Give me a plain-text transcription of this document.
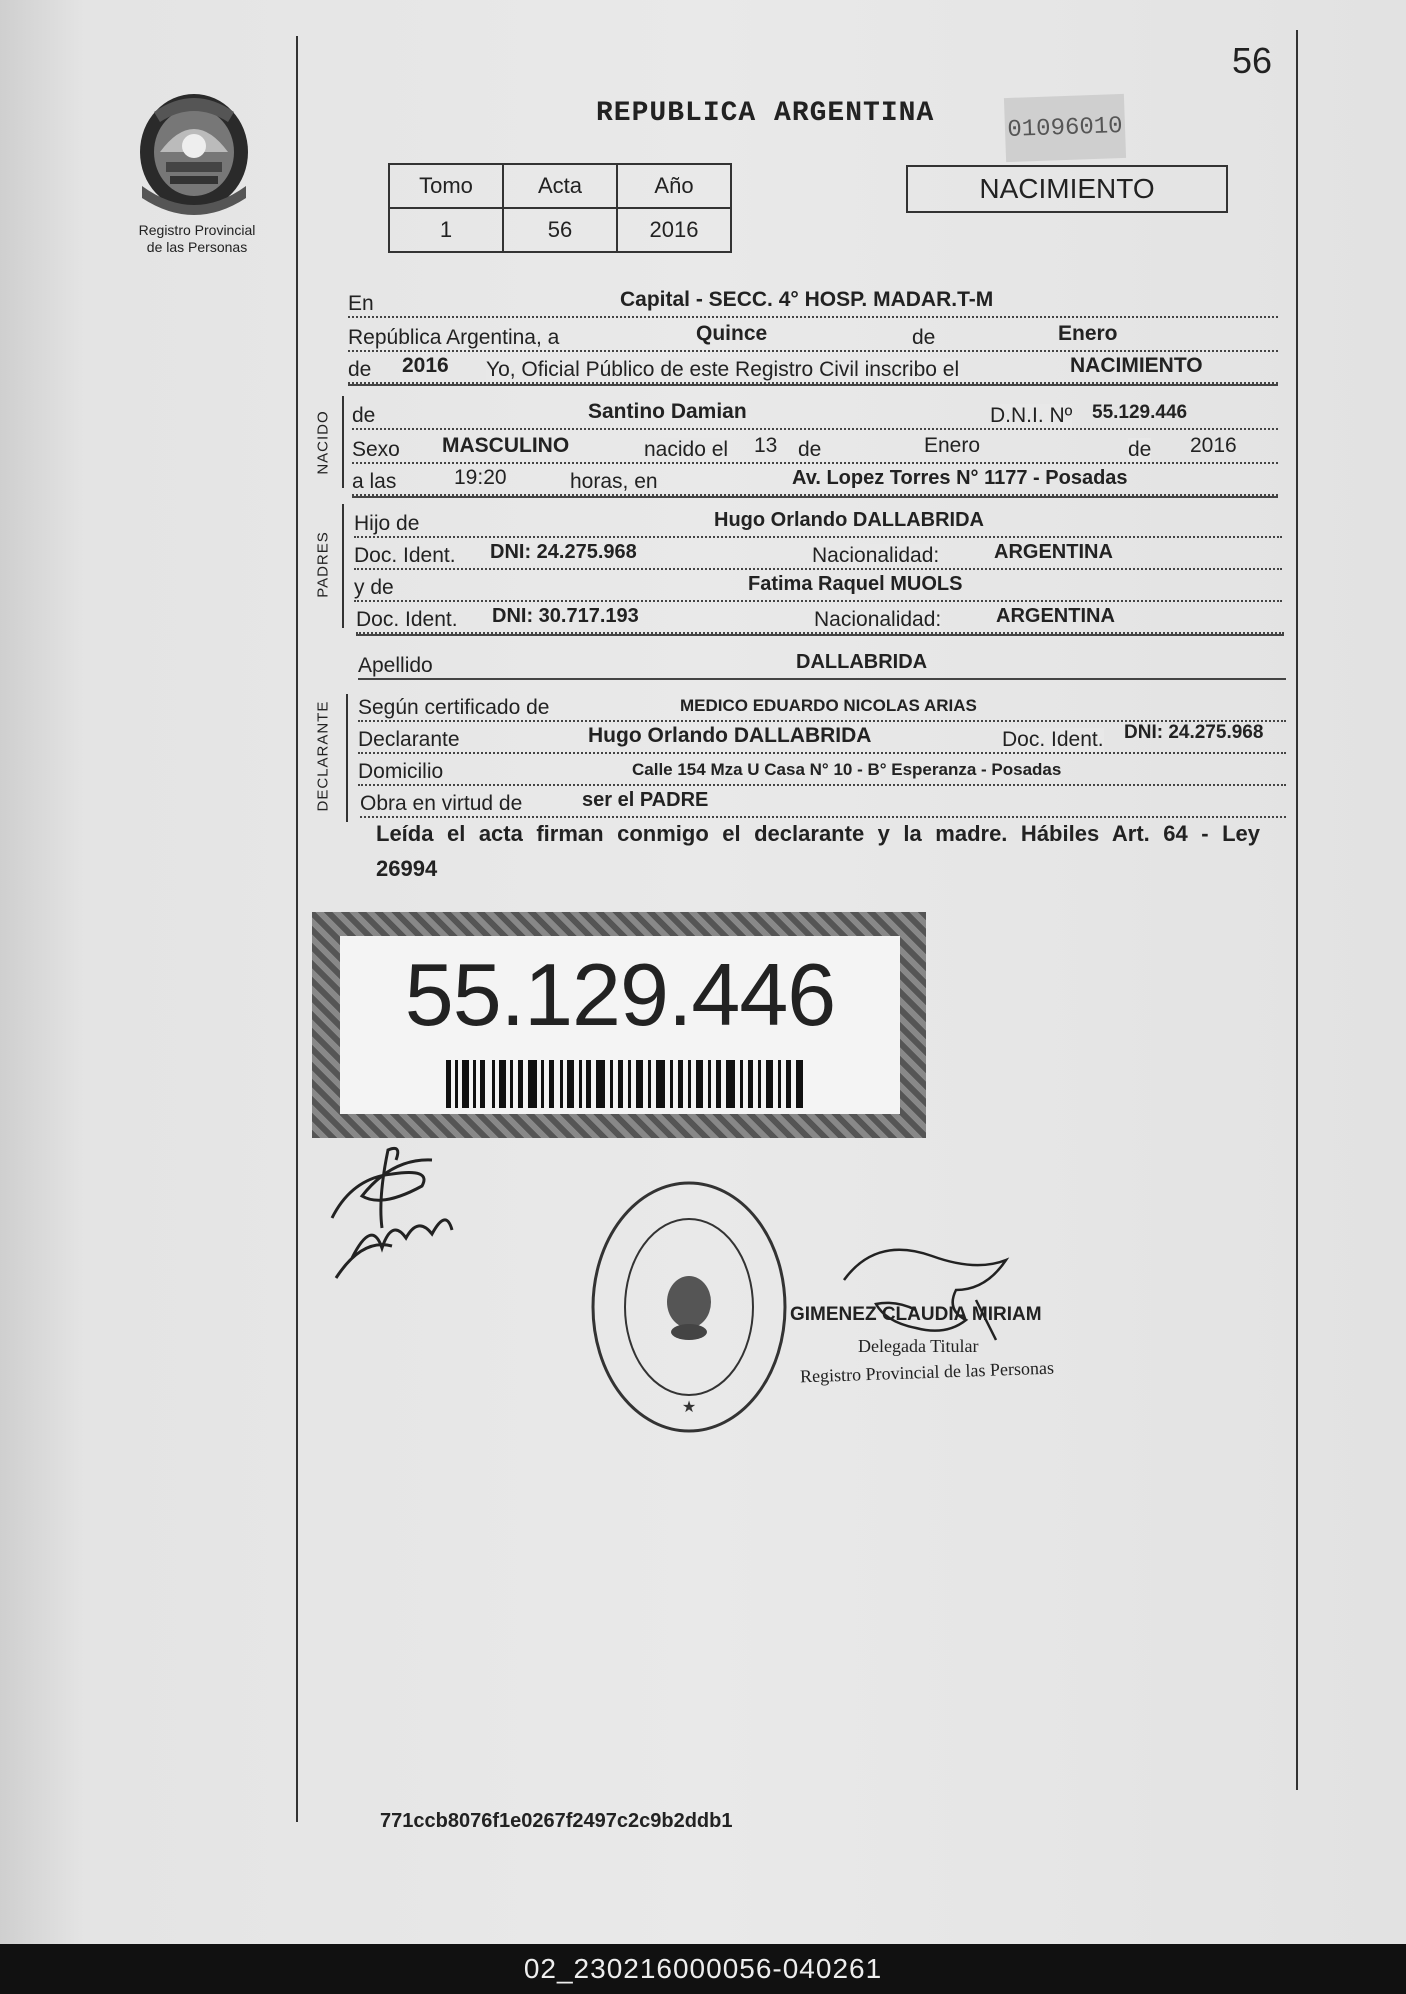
56
Registro Provincial
de las Personas
REPUBLICA ARGENTINA	01096010
Tomo	Acta	Año
1	56	2016
NACIMIENTO
En	Capital - SECC. 4° HOSP. MADAR.T-M
República Argentina, a	Quince	de	Enero
de 2016 Yo, Oficial Público de este Registro Civil inscribo el	NACIMIENTO
NACIDO de	Santino Damian	D.N.I. Nº 55.129.446
Sexo MASCULINO	nacido el 13 de	Enero	de 2016
a las	19:20	horas, en	Av. Lopez Torres N° 1177 - Posadas
PADRES
Hijo de	Hugo Orlando DALLABRIDA
Doc. Ident. DNI: 24.275.968	Nacionalidad:	ARGENTINA
y de	Fatima Raquel MUOLS
Doc. Ident. DNI: 30.717.193	Nacionalidad:	ARGENTINA
Apellido	DALLABRIDA
DECLARANTE Según certificado de	MEDICO EDUARDO NICOLAS ARIAS
Declarante	Hugo Orlando DALLABRIDA	Doc. Ident. DNI: 24.275.968
Domicilio	Calle 154 Mza U Casa N° 10 - B° Esperanza - Posadas
Obra en virtud de	ser el PADRE
Leída el acta firman conmigo el declarante y la madre. Hábiles Art. 64 - Ley
26994
55.129.446
★
GIMENEZ CLAUDIA MIRIAM
Delegada Titular
Registro Provincial de las Personas
771ccb8076f1e0267f2497c2c9b2ddb1
02_230216000056-040261
